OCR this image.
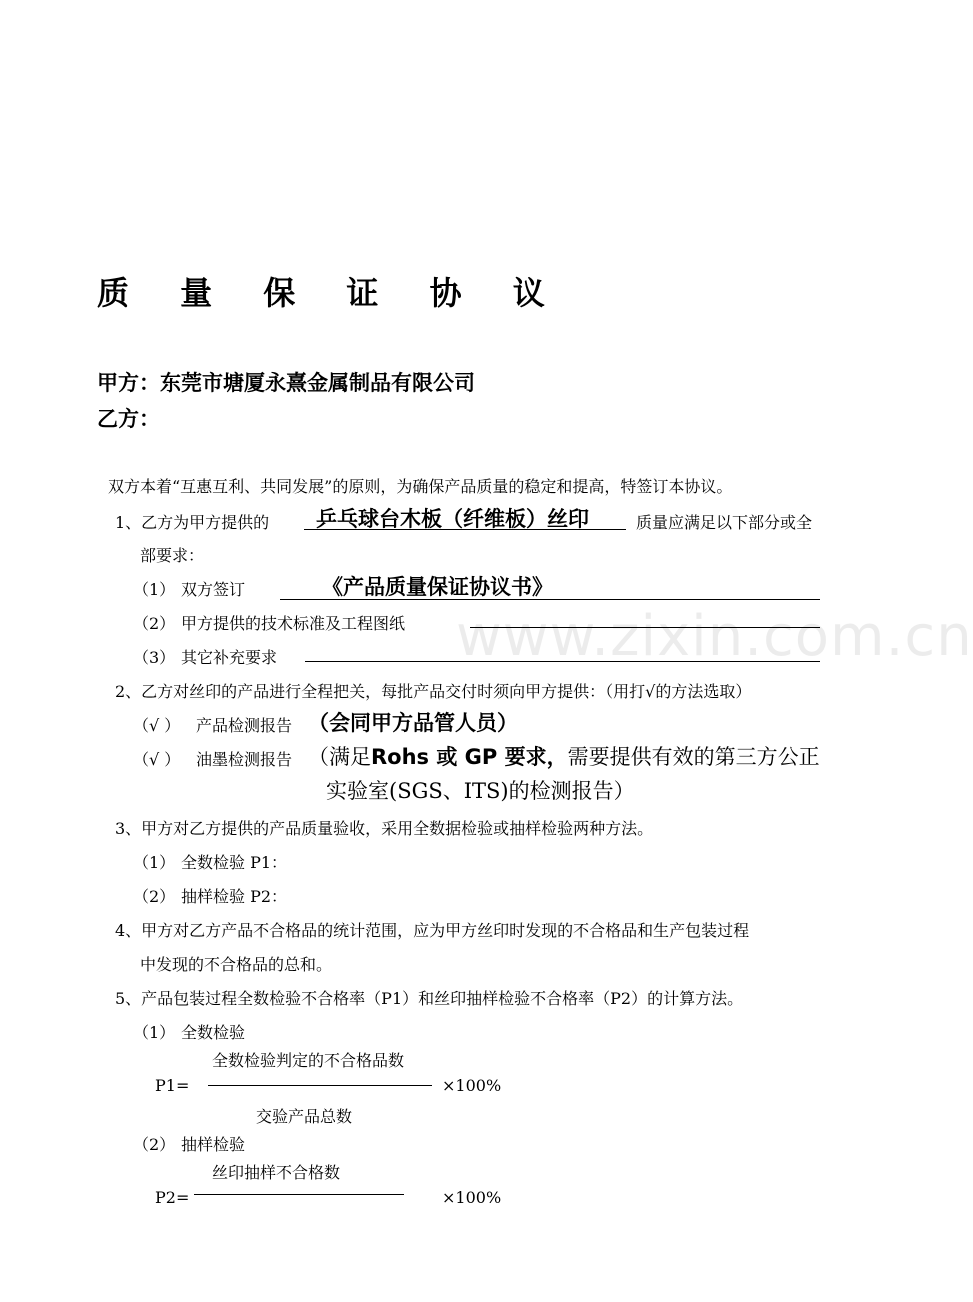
质 量 保 证 协 议
甲方：东莞市塘厦永熹金属制品有限公司
乙方：
双方本着“互惠互利、共同发展”的原则，为确保产品质量的稳定和提高，特签订本协议。
1、乙方为甲方提供的 乒乓球台木板（纤维板）丝印	质量应满足以下部分或全
部要求：
（1） 双方签订	《产品质量保证协议书》
（2） 甲方提供的技术标准及工程图纸
（3） 其它补充要求	www.zixin.com.cn
2、乙方对丝印的产品进行全程把关，每批产品交付时须向甲方提供：（用打√的方法选取）
（√ ） 产品检测报告 （会同甲方品管人员）
（√ ） 油墨检测报告 （满足Rohs 或 GP 要求，需要提供有效的第三方公正
实验室(SGS、ITS)的检测报告）
3、甲方对乙方提供的产品质量验收，采用全数据检验或抽样检验两种方法。
（1） 全数检验 P1：
（2） 抽样检验 P2：
4、甲方对乙方产品不合格品的统计范围，应为甲方丝印时发现的不合格品和生产包装过程
中发现的不合格品的总和。
5、产品包装过程全数检验不合格率（P1）和丝印抽样检验不合格率（P2）的计算方法。
（1） 全数检验
全数检验判定的不合格品数
P1=	×100%
交验产品总数
（2） 抽样检验
丝印抽样不合格数
P2=	×100%
